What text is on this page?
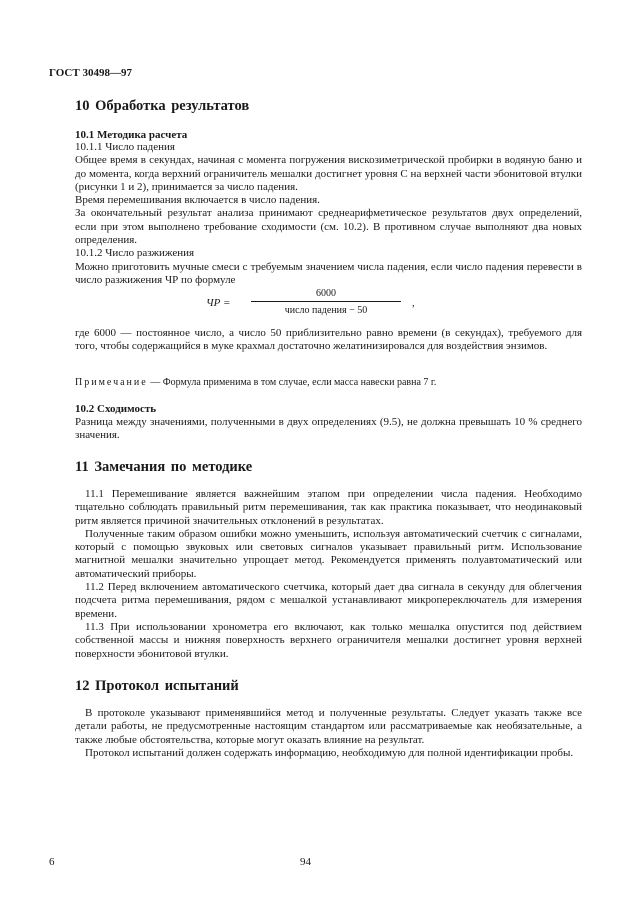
ГОСТ 30498—97
10 Обработка результатов
10.1 Методика расчета

10.1.1 Число падения

Общее время в секундах, начиная с момента погружения вискозиметрической пробирки в водяную баню и до момента, когда верхний ограничитель мешалки достигнет уровня С на верхней части эбонитовой втулки (рисунки 1 и 2), принимается за число падения.

Время перемешивания включается в число падения.

За окончательный результат анализа принимают среднеарифметическое результатов двух определений, если при этом выполнено требование сходимости (см. 10.2). В противном случае выполняют два новых определения.

10.1.2 Число разжижения

Можно приготовить мучные смеси с требуемым значением числа падения, если число падения перевести в число разжижения ЧР по формуле

ЧР =
6000
число падения − 50
,

где 6000 — постоянное число, а число 50 приблизительно равно времени (в секундах), требуемого для того, чтобы содержащийся в муке крахмал достаточно желатинизировался для воздействия энзимов.

Примечание — Формула применима в том случае, если масса навески равна 7 г.
10.2 Сходимость

Разница между значениями, полученными в двух определениях (9.5), не должна превышать 10 % среднего значения.

11 Замечания по методике

11.1 Перемешивание является важнейшим этапом при определении числа падения. Необходимо тщательно соблюдать правильный ритм перемешивания, так как практика показывает, что неодинаковый ритм является причиной значительных отклонений в результатах.

Полученные таким образом ошибки можно уменьшить, используя автоматический счетчик с сигналами, который с помощью звуковых или световых сигналов указывает правильный ритм. Использование магнитной мешалки значительно упрощает метод. Рекомендуется применять полуавтоматический или автоматический приборы.

11.2 Перед включением автоматического счетчика, который дает два сигнала в секунду для облегчения подсчета ритма перемешивания, рядом с мешалкой устанавливают микропереключатель для измерения времени.

11.3 При использовании хронометра его включают, как только мешалка опустится под действием собственной массы и нижняя поверхность верхнего ограничителя мешалки достигнет уровня верхней поверхности эбонитовой втулки.

12 Протокол испытаний

В протоколе указывают применявшийся метод и полученные результаты. Следует указать также все детали работы, не предусмотренные настоящим стандартом или рассматриваемые как необязательные, а также любые обстоятельства, которые могут оказать влияние на результат.

Протокол испытаний должен содержать информацию, необходимую для полной идентификации пробы.

6	94
